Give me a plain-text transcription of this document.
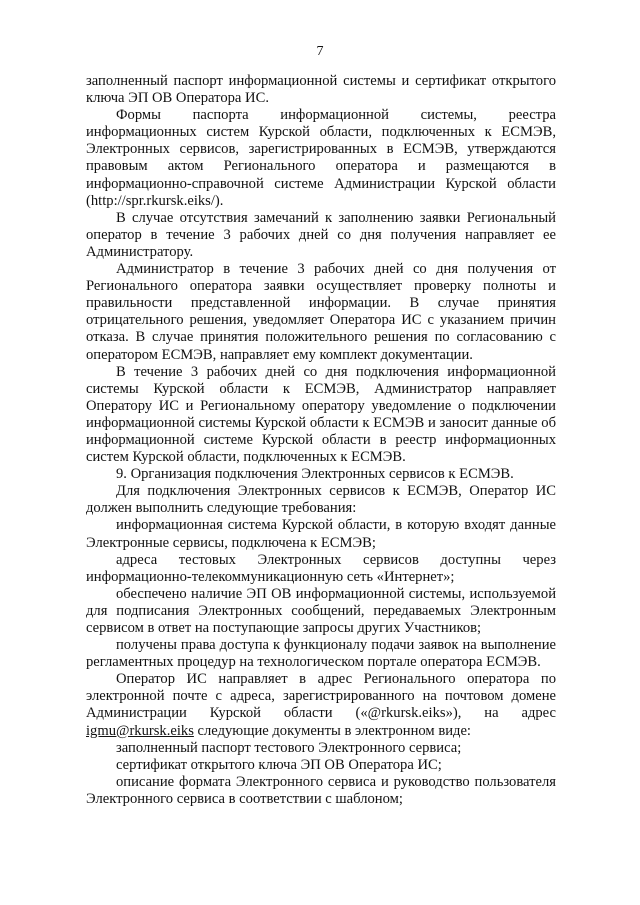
7

заполненный паспорт информационной системы и сертификат открытого ключа ЭП ОВ Оператора ИС.

Формы паспорта информационной системы, реестра информационных систем Курской области, подключенных к ЕСМЭВ, Электронных сервисов, зарегистрированных в ЕСМЭВ, утверждаются правовым актом Регионального оператора и размещаются в информационно-справочной системе Администрации Курской области (http://spr.rkursk.eiks/).

В случае отсутствия замечаний к заполнению заявки Региональный оператор в течение 3 рабочих дней со дня получения направляет ее Администратору.

Администратор в течение 3 рабочих дней со дня получения от Регионального оператора заявки осуществляет проверку полноты и правильности представленной информации. В случае принятия отрицательного решения, уведомляет Оператора ИС с указанием причин отказа. В случае принятия положительного решения по согласованию с оператором ЕСМЭВ, направляет ему комплект документации.

В течение 3 рабочих дней со дня подключения информационной системы Курской области к ЕСМЭВ, Администратор направляет Оператору ИС и Региональному оператору уведомление о подключении информационной системы Курской области к ЕСМЭВ и заносит данные об информационной системе Курской области в реестр информационных систем Курской области, подключенных к ЕСМЭВ.

9. Организация подключения Электронных сервисов к ЕСМЭВ.

Для подключения Электронных сервисов к ЕСМЭВ, Оператор ИС должен выполнить следующие требования:

информационная система Курской области, в которую входят данные Электронные сервисы, подключена к ЕСМЭВ;

адреса тестовых Электронных сервисов доступны через информационно-телекоммуникационную сеть «Интернет»;

обеспечено наличие ЭП ОВ информационной системы, используемой для подписания Электронных сообщений, передаваемых Электронным сервисом в ответ на поступающие запросы других Участников;

получены права доступа к функционалу подачи заявок на выполнение регламентных процедур на технологическом портале оператора ЕСМЭВ.

Оператор ИС направляет в адрес Регионального оператора по электронной почте с адреса, зарегистрированного на почтовом домене Администрации Курской области («@rkursk.eiks»), на адрес igmu@rkursk.eiks следующие документы в электронном виде:

заполненный паспорт тестового Электронного сервиса;

сертификат открытого ключа ЭП ОВ Оператора ИС;

описание формата Электронного сервиса и руководство пользователя Электронного сервиса в соответствии с шаблоном;
